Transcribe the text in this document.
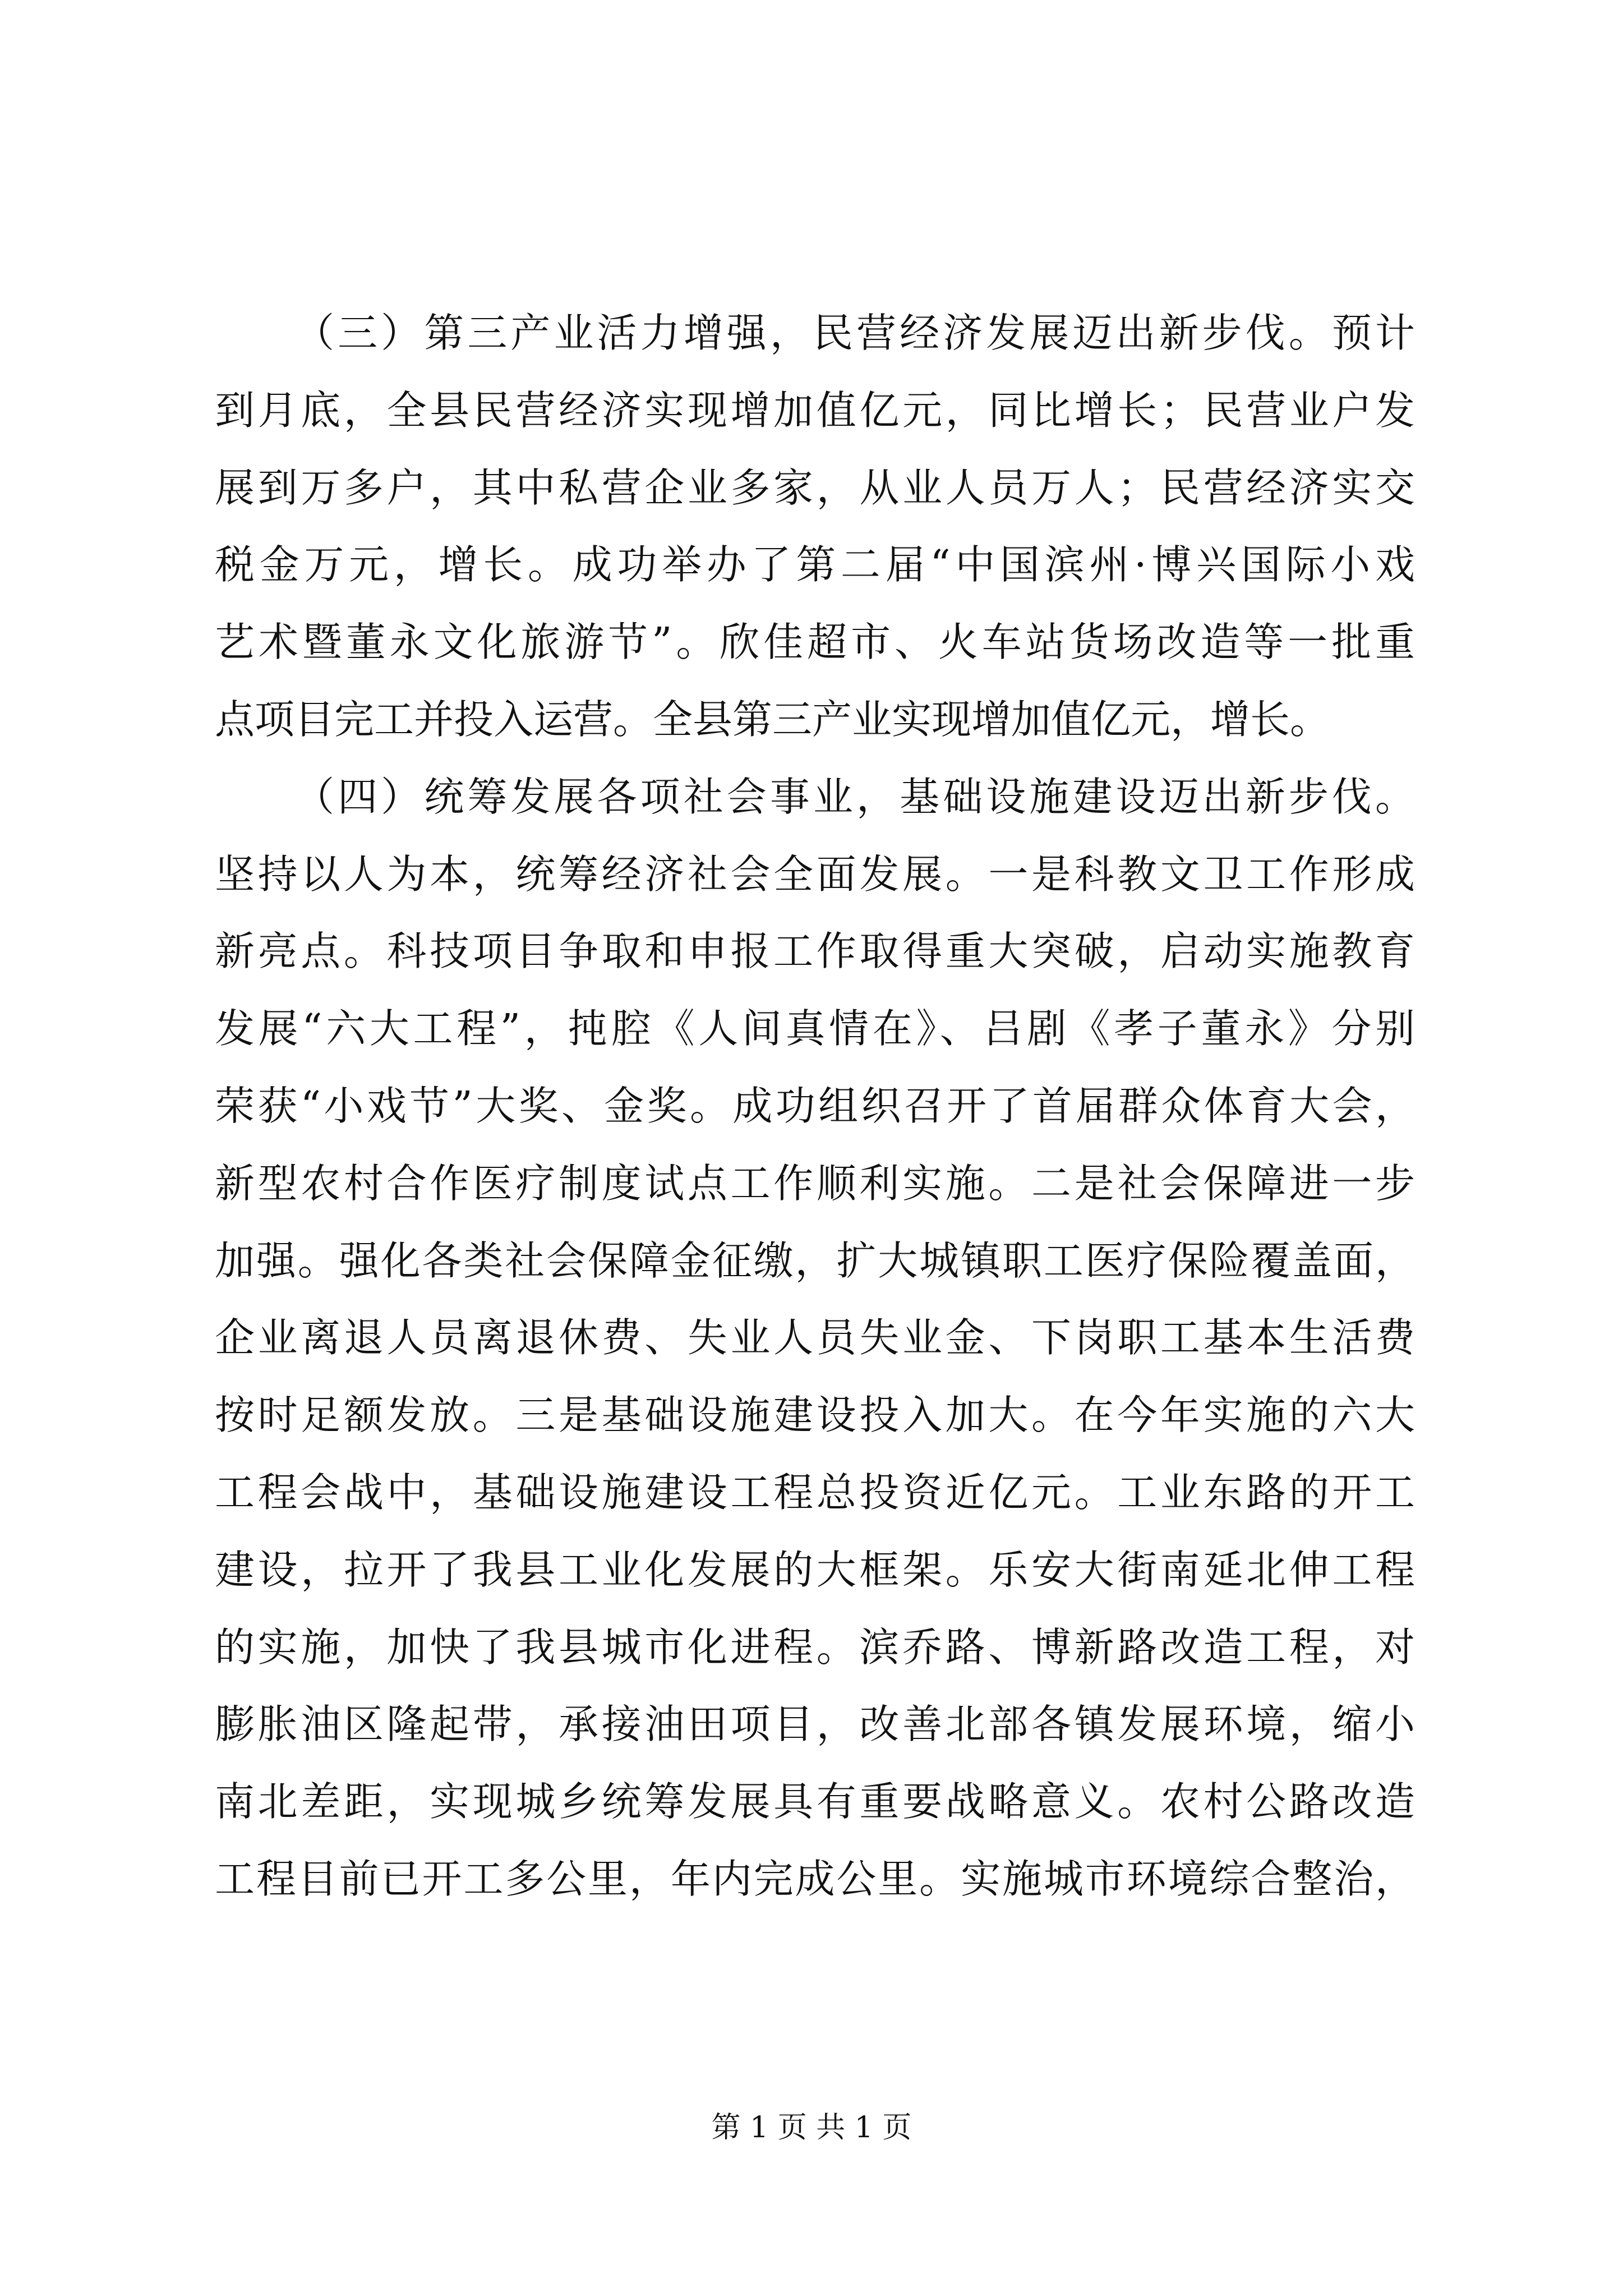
（三）第三产业活力增强，民营经济发展迈出新步伐。预计
到月底，全县民营经济实现增加值亿元，同比增长；民营业户发
展到万多户，其中私营企业多家，从业人员万人；民营经济实交
税金万元，增长。成功举办了第二届“中国滨州·博兴国际小戏
艺术暨董永文化旅游节”。欣佳超市、火车站货场改造等一批重
点项目完工并投入运营。全县第三产业实现增加值亿元，增长。
（四）统筹发展各项社会事业，基础设施建设迈出新步伐。
坚持以人为本，统筹经济社会全面发展。一是科教文卫工作形成
新亮点。科技项目争取和申报工作取得重大突破，启动实施教育
发展“六大工程”，扽腔《人间真情在》、吕剧《孝子董永》分别
荣获“小戏节”大奖、金奖。成功组织召开了首届群众体育大会，
新型农村合作医疗制度试点工作顺利实施。二是社会保障进一步
加强。强化各类社会保障金征缴，扩大城镇职工医疗保险覆盖面，
企业离退人员离退休费、失业人员失业金、下岗职工基本生活费
按时足额发放。三是基础设施建设投入加大。在今年实施的六大
工程会战中，基础设施建设工程总投资近亿元。工业东路的开工
建设，拉开了我县工业化发展的大框架。乐安大街南延北伸工程
的实施，加快了我县城市化进程。滨乔路、博新路改造工程，对
膨胀油区隆起带，承接油田项目，改善北部各镇发展环境，缩小
南北差距，实现城乡统筹发展具有重要战略意义。农村公路改造
工程目前已开工多公里，年内完成公里。实施城市环境综合整治，
第 1 页 共 1 页
